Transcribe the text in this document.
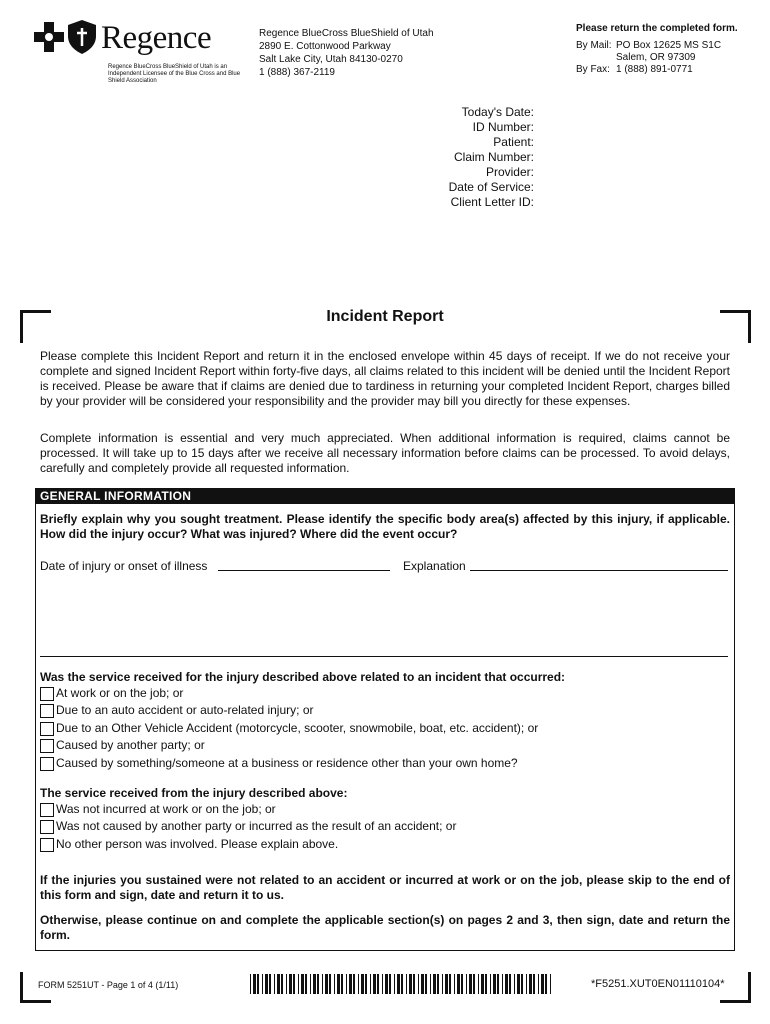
Regence
Regence BlueCross BlueShield of Utah is an Independent Licensee of the Blue Cross and Blue Shield Association
Regence BlueCross BlueShield of Utah
2890 E. Cottonwood Parkway
Salt Lake City, Utah 84130-0270
1 (888) 367-2119
Please return the completed form.
By Mail:	PO Box 12625 MS S1C
	Salem, OR 97309
By Fax:	1 (888) 891-0771
Today's Date:
ID Number:
Patient:
Claim Number:
Provider:
Date of Service:
Client Letter ID:
Incident Report
Please complete this Incident Report and return it in the enclosed envelope within 45 days of receipt. If we do not receive your complete and signed Incident Report within forty-five days, all claims related to this incident will be denied until the Incident Report is received. Please be aware that if claims are denied due to tardiness in returning your completed Incident Report, charges billed by your provider will be considered your responsibility and the provider may bill you directly for these expenses.
Complete information is essential and very much appreciated. When additional information is required, claims cannot be processed. It will take up to 15 days after we receive all necessary information before claims can be processed. To avoid delays, carefully and completely provide all requested information.
GENERAL INFORMATION
Briefly explain why you sought treatment. Please identify the specific body area(s) affected by this injury, if applicable. How did the injury occur? What was injured? Where did the event occur?
Date of injury or onset of illness	Explanation
Was the service received for the injury described above related to an incident that occurred:
At work or on the job; or
Due to an auto accident or auto-related injury; or
Due to an Other Vehicle Accident (motorcycle, scooter, snowmobile, boat, etc. accident); or
Caused by another party; or
Caused by something/someone at a business or residence other than your own home?
The service received from the injury described above:
Was not incurred at work or on the job; or
Was not caused by another party or incurred as the result of an accident; or
No other person was involved. Please explain above.
If the injuries you sustained were not related to an accident or incurred at work or on the job, please skip to the end of this form and sign, date and return it to us.
Otherwise, please continue on and complete the applicable section(s) on pages 2 and 3, then sign, date and return the form.
FORM 5251UT - Page 1 of 4 (1/11)	*F5251.XUT0EN01110104*
